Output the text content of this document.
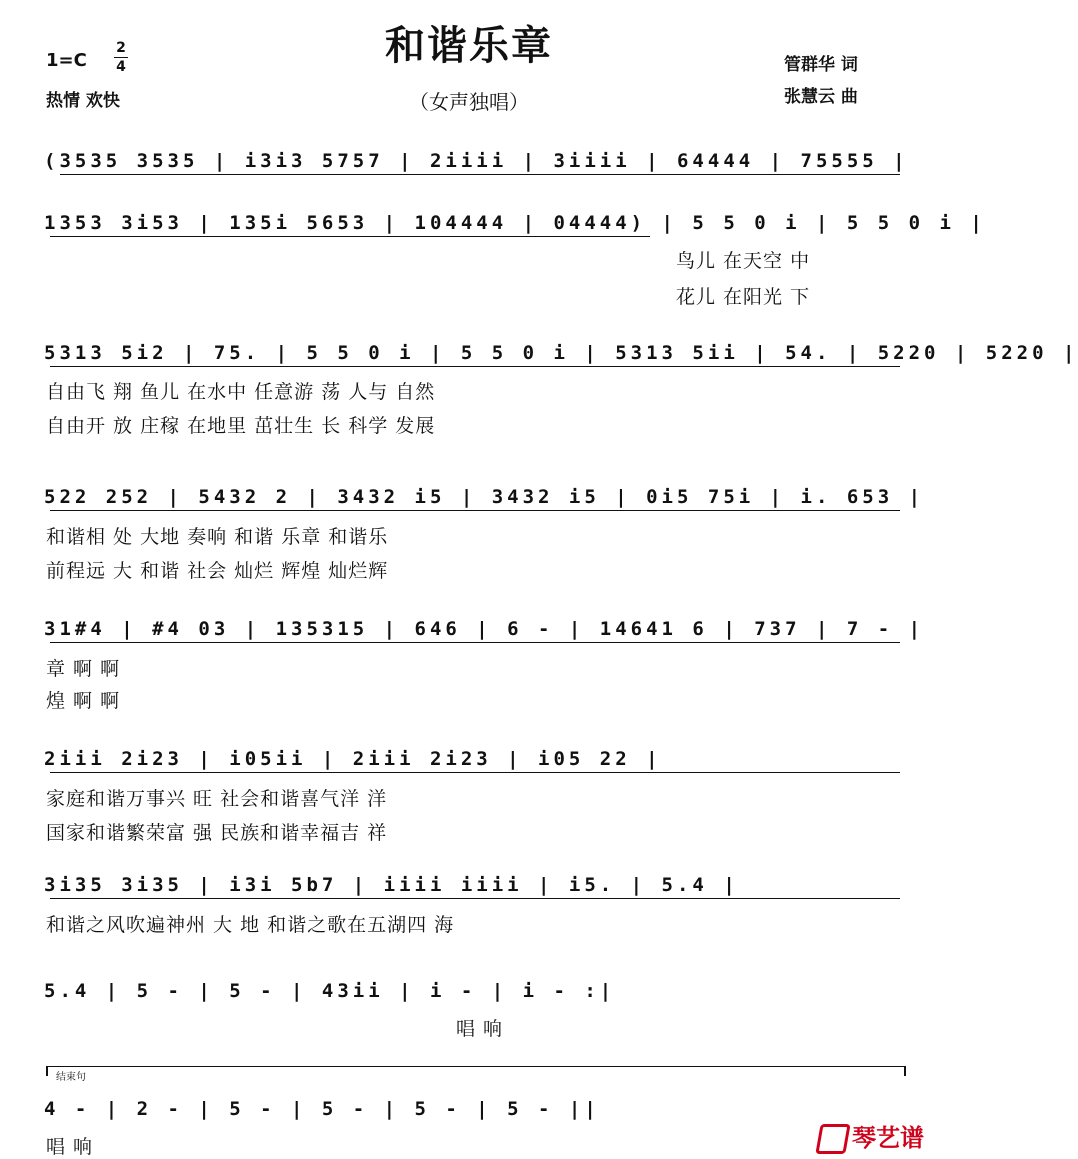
和谐乐章
（女声独唱）
1=C
2
4
热情 欢快
管群华 词
张慧云 曲
(3535 3535 | i3i3 5757 | 2iiii | 3iiii | 64444 | 75555 |
1353 3i53 | 135i 5653 | 104444 | 04444) | 5 5 0 i | 5 5 0 i |
鸟儿 在天空 中
花儿 在阳光 下
5313 5i2 | 75. | 5 5 0 i | 5 5 0 i | 5313 5ii | 54. | 5220 | 5220 |
自由飞 翔 鱼儿 在水中 任意游 荡 人与 自然
自由开 放 庄稼 在地里 茁壮生 长 科学 发展
522 252 | 5432 2 | 3432 i5 | 3432 i5 | 0i5 75i | i. 653 |
和谐相 处 大地 奏响 和谐 乐章 和谐乐
前程远 大 和谐 社会 灿烂 辉煌 灿烂辉
31#4 | #4 03 | 135315 | 646 | 6 - | 14641 6 | 737 | 7 - |
章 啊 啊
煌 啊 啊
2iii 2i23 | i05ii | 2iii 2i23 | i05 22 |
家庭和谐万事兴 旺 社会和谐喜气洋 洋
国家和谐繁荣富 强 民族和谐幸福吉 祥
3i35 3i35 | i3i 5b7 | iiii iiii | i5. | 5.4 |
和谐之风吹遍神州 大 地 和谐之歌在五湖四 海
5.4 | 5 - | 5 - | 43ii | i - | i - :|
唱 响
结束句
4 - | 2 - | 5 - | 5 - | 5 - | 5 - ||
唱 响	琴艺谱
